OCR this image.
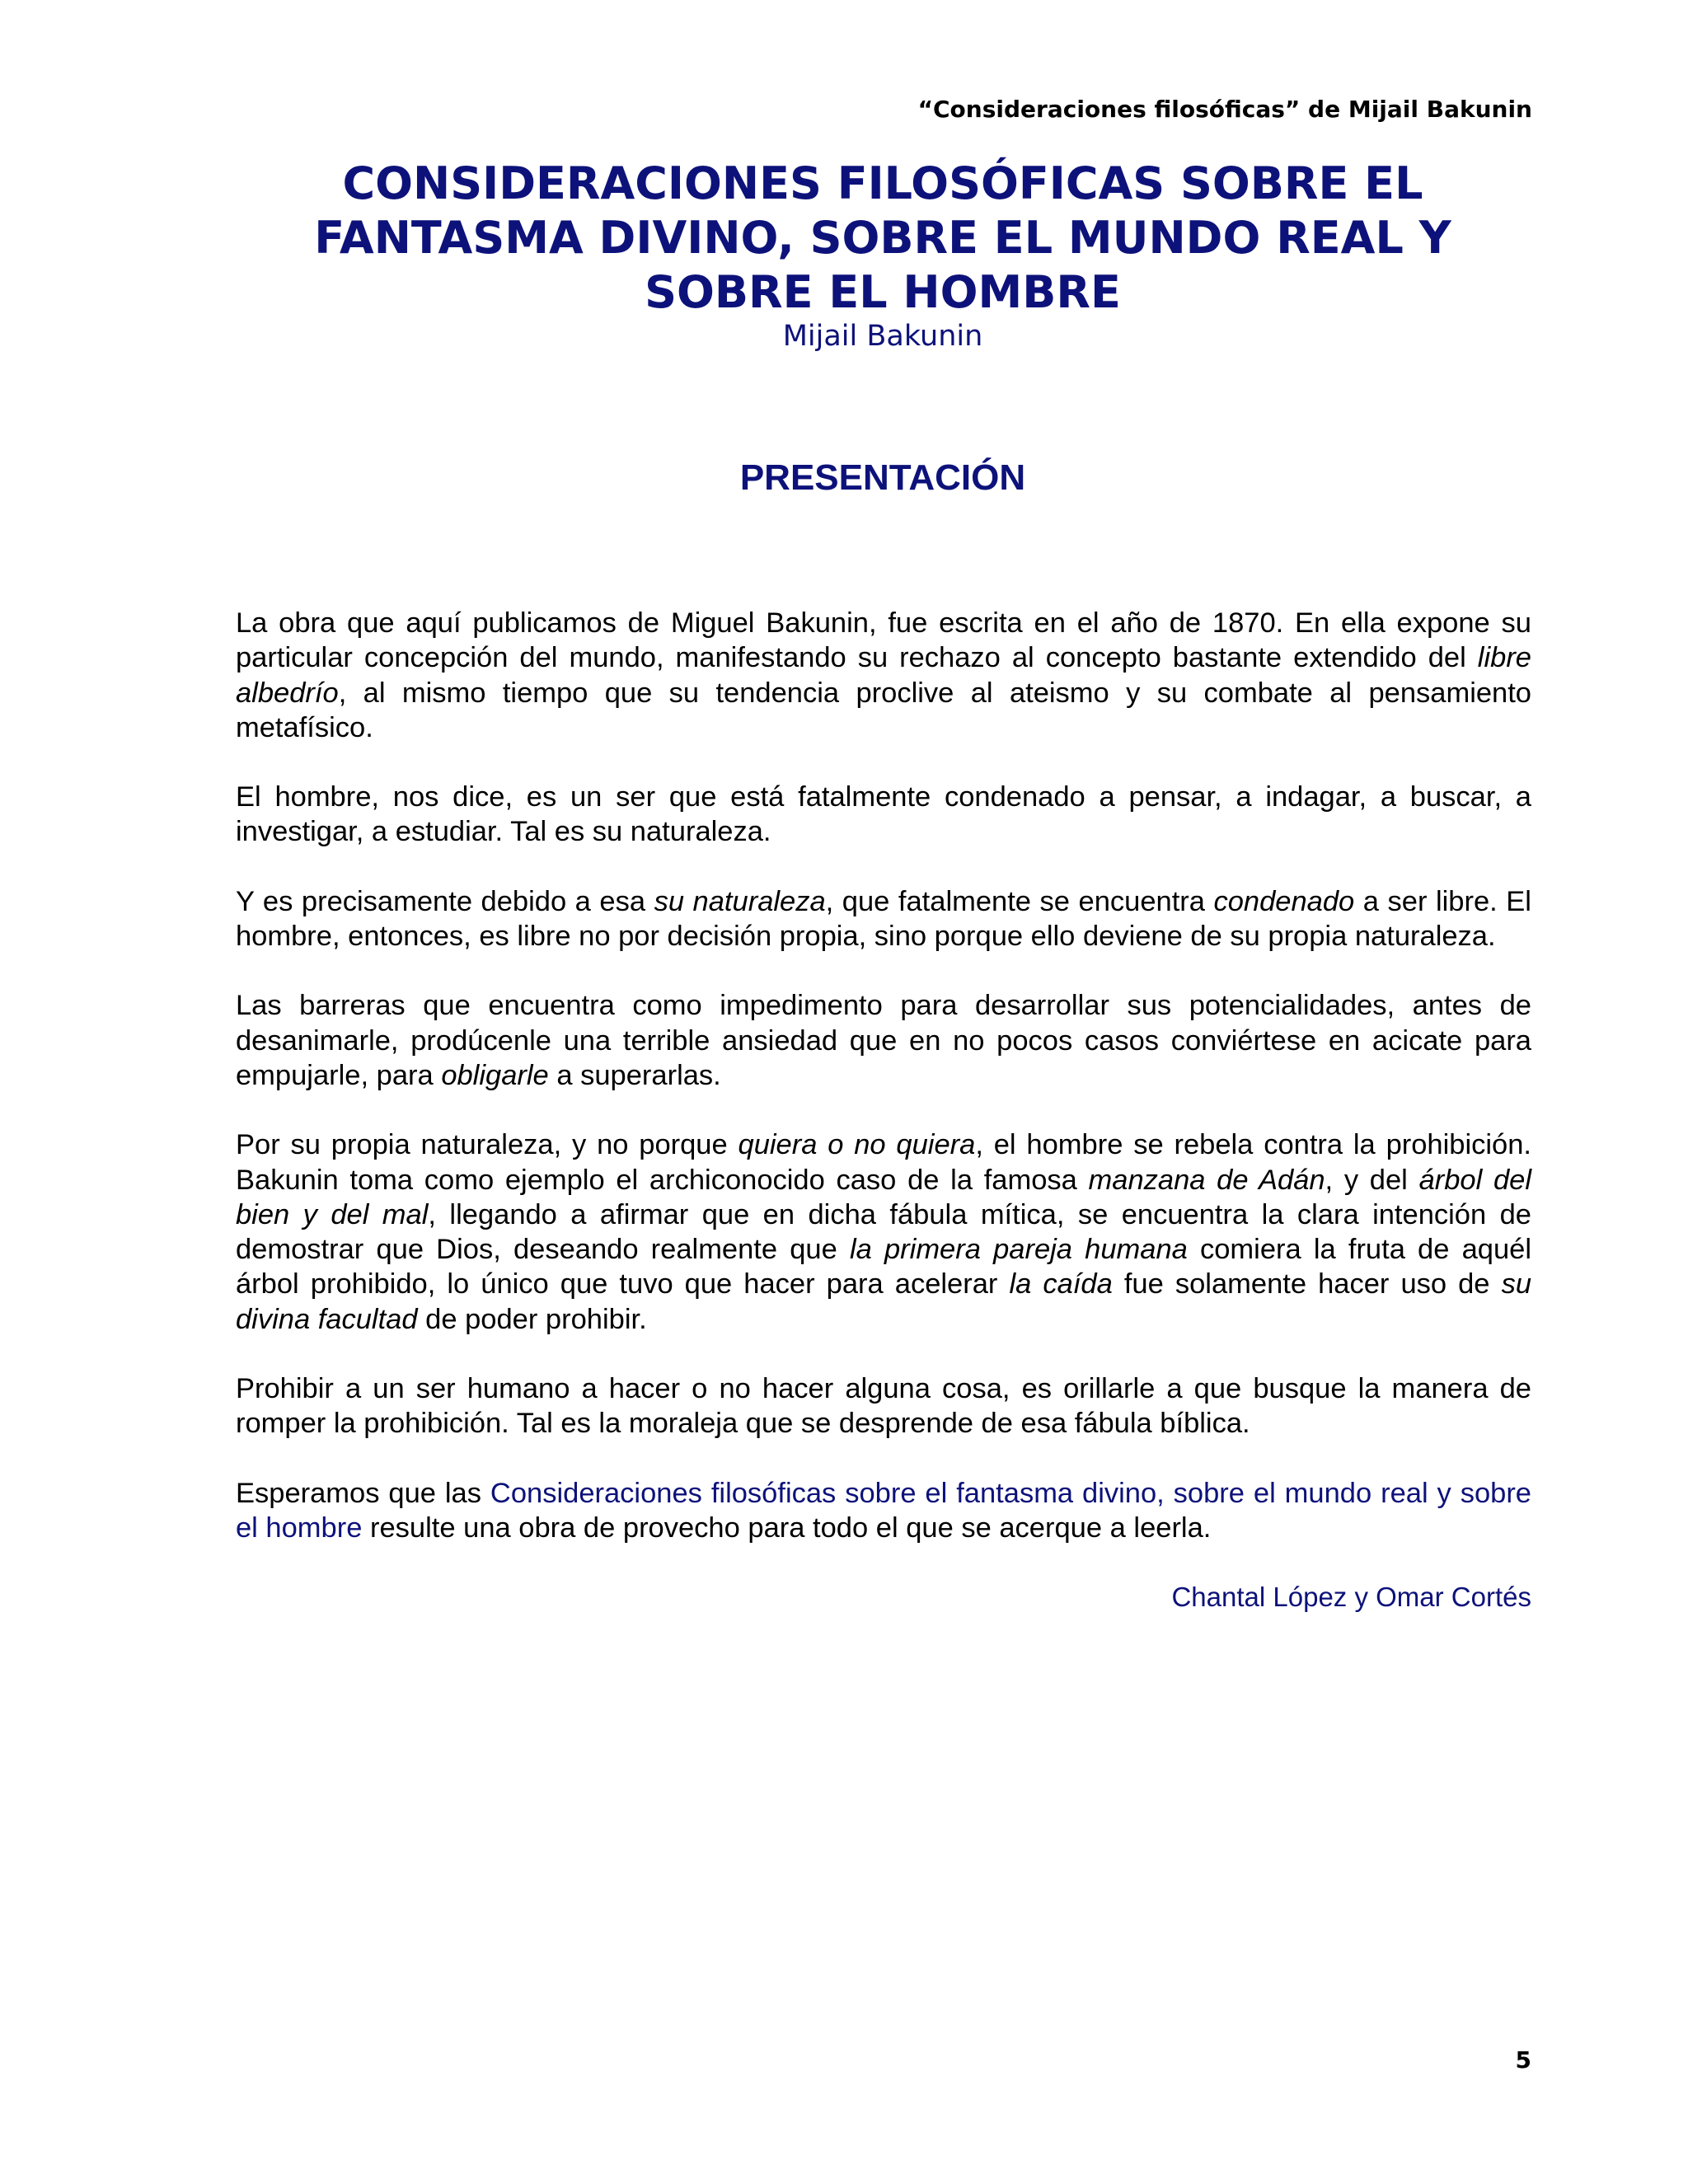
“Consideraciones filosóficas” de Mijail Bakunin
CONSIDERACIONES FILOSÓFICAS SOBRE EL
FANTASMA DIVINO, SOBRE EL MUNDO REAL Y
SOBRE EL HOMBRE
Mijail Bakunin
PRESENTACIÓN

La obra que aquí publicamos de Miguel Bakunin, fue escrita en el año de 1870. En ella expone su particular concepción del mundo, manifestando su rechazo al concepto bastante extendido del libre albedrío, al mismo tiempo que su tendencia proclive al ateismo y su combate al pensamiento metafísico.

El hombre, nos dice, es un ser que está fatalmente condenado a pensar, a indagar, a buscar, a investigar, a estudiar. Tal es su naturaleza.

Y es precisamente debido a esa su naturaleza, que fatalmente se encuentra condenado a ser libre. El hombre, entonces, es libre no por decisión propia, sino porque ello deviene de su propia naturaleza.

Las barreras que encuentra como impedimento para desarrollar sus potencialidades, antes de desanimarle, prodúcenle una terrible ansiedad que en no pocos casos conviértese en acicate para empujarle, para obligarle a superarlas.

Por su propia naturaleza, y no porque quiera o no quiera, el hombre se rebela contra la prohibición. Bakunin toma como ejemplo el archiconocido caso de la famosa manzana de Adán, y del árbol del bien y del mal, llegando a afirmar que en dicha fábula mítica, se encuentra la clara intención de demostrar que Dios, deseando realmente que la primera pareja humana comiera la fruta de aquél árbol prohibido, lo único que tuvo que hacer para acelerar la caída fue solamente hacer uso de su divina facultad de poder prohibir.

Prohibir a un ser humano a hacer o no hacer alguna cosa, es orillarle a que busque la manera de romper la prohibición. Tal es la moraleja que se desprende de esa fábula bíblica.

Esperamos que las Consideraciones filosóficas sobre el fantasma divino, sobre el mundo real y sobre el hombre resulte una obra de provecho para todo el que se acerque a leerla.

Chantal López y Omar Cortés

5
